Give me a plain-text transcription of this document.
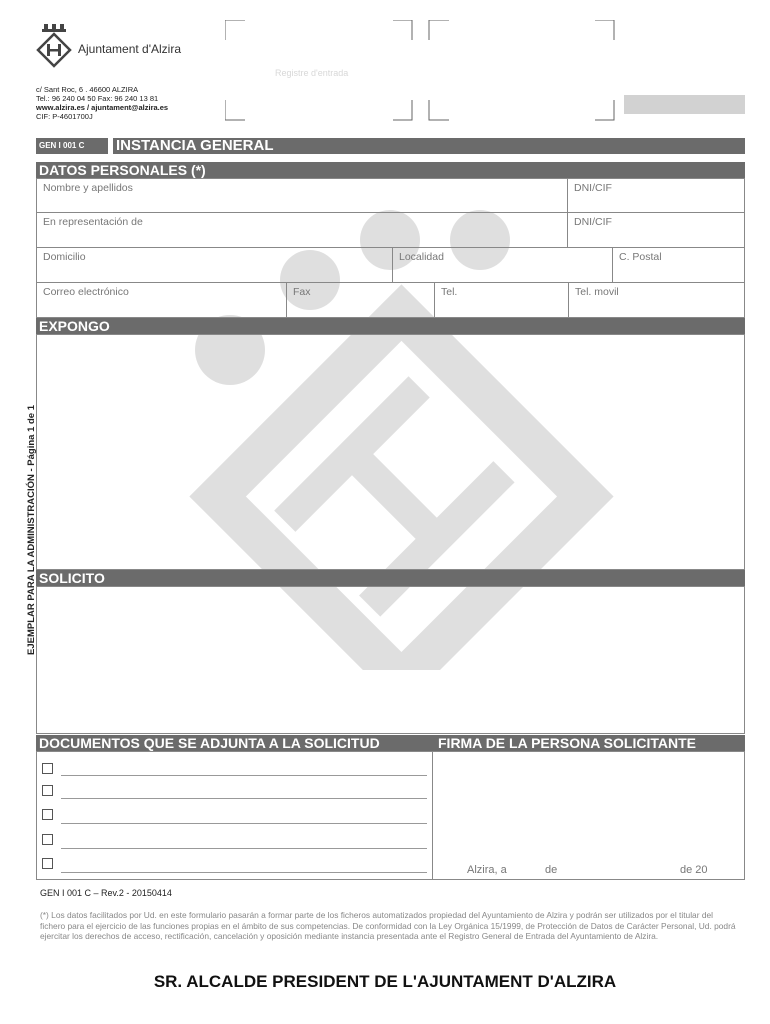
Ajuntament d'Alzira
c/ Sant Roc, 6 . 46600 ALZIRA
Tel.: 96 240 04 50 Fax: 96 240 13 81
www.alzira.es / ajuntament@alzira.es
CIF: P-4601700J
Registre d'entrada
GEN I 001 C	INSTANCIA GENERAL
DATOS PERSONALES (*)
Nombre y apellidos	DNI/CIF
En representación de	DNI/CIF
Domicilio	Localidad	C. Postal
Correo electrónico	Fax	Tel.	Tel. movil
EXPONGO
SOLICITO
DOCUMENTOS QUE SE ADJUNTA A LA SOLICITUD	FIRMA DE LA PERSONA SOLICITANTE
Alzira, a	de	de 20
EJEMPLAR PARA LA ADMINISTRACIÓN - Página 1 de 1
GEN I 001 C – Rev.2 - 20150414
(*) Los datos facilitados por Ud. en este formulario pasarán a formar parte de los ficheros automatizados propiedad del Ayuntamiento de Alzira y podrán ser utilizados por el titular del fichero para el ejercicio de las funciones propias en el ámbito de sus competencias. De conformidad con la Ley Orgánica 15/1999, de Protección de Datos de Carácter Personal, Ud. podrá ejercitar los derechos de acceso, rectificación, cancelación y oposición mediante instancia presentada ante el Registro General de Entrada del Ayuntamiento de Alzira.
SR. ALCALDE PRESIDENT DE L'AJUNTAMENT D'ALZIRA
